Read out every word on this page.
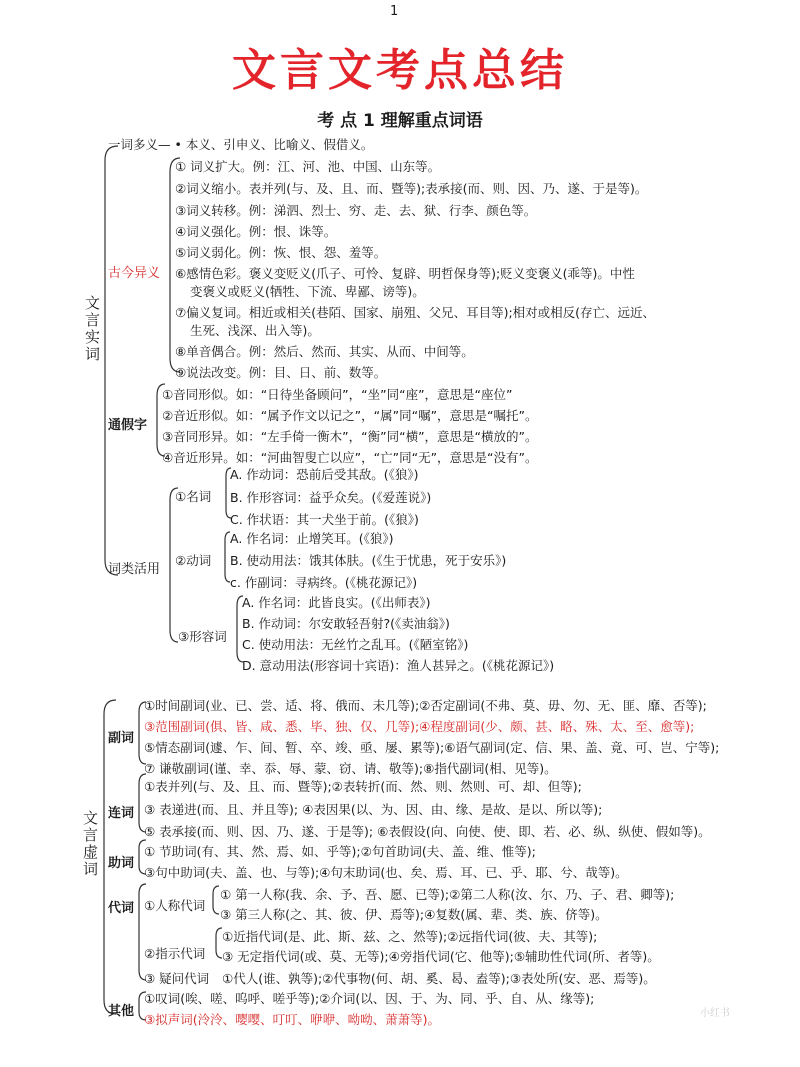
1
文言文考点总结
考 点 1 理解重点词语
文言实词
一词多义— • 本义、引申义、比喻义、假借义。
古今异义
① 词义扩大。例：江、河、池、中国、山东等。
②词义缩小。表并列(与、及、且、而、暨等);表承接(而、则、因、乃、遂、于是等)。
③词义转移。例：涕泗、烈士、穷、走、去、狱、行李、颜色等。
④词义强化。例：恨、诛等。
⑤词义弱化。例：恢、恨、怨、羞等。
⑥感情色彩。褒义变贬义(爪子、可怜、复辟、明哲保身等);贬义变褒义(乖等)。中性
变褒义或贬义(牺牲、下流、卑鄙、谤等)。
⑦偏义复词。相近或相关(巷陌、国家、崩殂、父兄、耳目等);相对或相反(存亡、远近、
生死、浅深、出入等)。
⑧单音偶合。例：然后、然而、其实、从而、中间等。
⑨说法改变。例：目、日、前、数等。
通假字
①音同形似。如：“日待坐备顾问”，“坐”同“座”，意思是“座位”
②音近形似。如：“属予作文以记之”，“属”同“嘱”，意思是“嘱托”。
③音同形异。如：“左手倚一衡木”，“衡”同“横”，意思是“横放的”。
④音近形异。如：“河曲智叟亡以应”，“亡”同“无”，意思是“没有”。
词类活用
①名词
A. 作动词：恐前后受其敌。(《狼》)
B. 作形容词：益乎众矣。(《爱莲说》)
C. 作状语：其一犬坐于前。(《狼》)
②动词
A. 作名词：止增笑耳。(《狼》)
B. 使动用法：饿其体肤。(《生于忧患，死于安乐》)
c. 作副词：寻病终。(《桃花源记》)
③形容词
A. 作名词：此皆良实。(《出师表》)
B. 作动词：尔安敢轻吾射?(《卖油翁》)
C. 使动用法：无丝竹之乱耳。(《陋室铭》)
D. 意动用法(形容词十宾语)：渔人甚异之。(《桃花源记》)
文言虚词
副词
①时间副词(业、已、尝、适、将、俄而、未几等);②否定副词(不弗、莫、毋、勿、无、匪、靡、否等);
③范围副词(俱、皆、咸、悉、毕、独、仅、几等);④程度副词(少、颇、甚、略、殊、太、至、愈等);
⑤情态副词(遽、乍、间、暂、卒、竣、亟、屡、累等);⑥语气副词(定、信、果、盖、竟、可、岂、宁等);
⑦ 谦敬副词(谨、幸、忝、辱、蒙、窃、请、敬等);⑧指代副词(相、见等)。
连词
①表并列(与、及、且、而、暨等);②表转折(而、然、则、然则、可、却、但等);
③ 表递进(而、且、并且等); ④表因果(以、为、因、由、缘、是故、是以、所以等);
⑤ 表承接(而、则、因、乃、遂、于是等); ⑥表假设(向、向使、使、即、若、必、纵、纵使、假如等)。
助词
① 节助词(有、其、然、焉、如、乎等);②句首助词(夫、盖、维、惟等);
③句中助词(夫、盖、也、与等);④句末助词(也、矣、焉、耳、已、乎、耶、兮、哉等)。
代词 ①人称代词
① 第一人称(我、余、予、吾、愿、已等);②第二人称(汝、尔、乃、子、君、卿等);
③ 第三人称(之、其、彼、伊、焉等);④复数(属、辈、类、族、侪等)。
②指示代词
①近指代词(是、此、斯、兹、之、然等);②远指代词(彼、夫、其等);
③ 无定指代词(或、莫、无等);④旁指代词(它、他等);⑤辅助性代词(所、者等)。
③ 疑问代词 ①代人(谁、孰等);②代事物(何、胡、奚、曷、盍等);③表处所(安、恶、焉等)。
其他
①叹词(唉、嗟、呜呼、嗟乎等);②介词(以、因、于、为、同、乎、自、从、缘等);
③拟声词(泠泠、嘤嘤、叮叮、咿咿、呦呦、萧萧等)。	小红书
